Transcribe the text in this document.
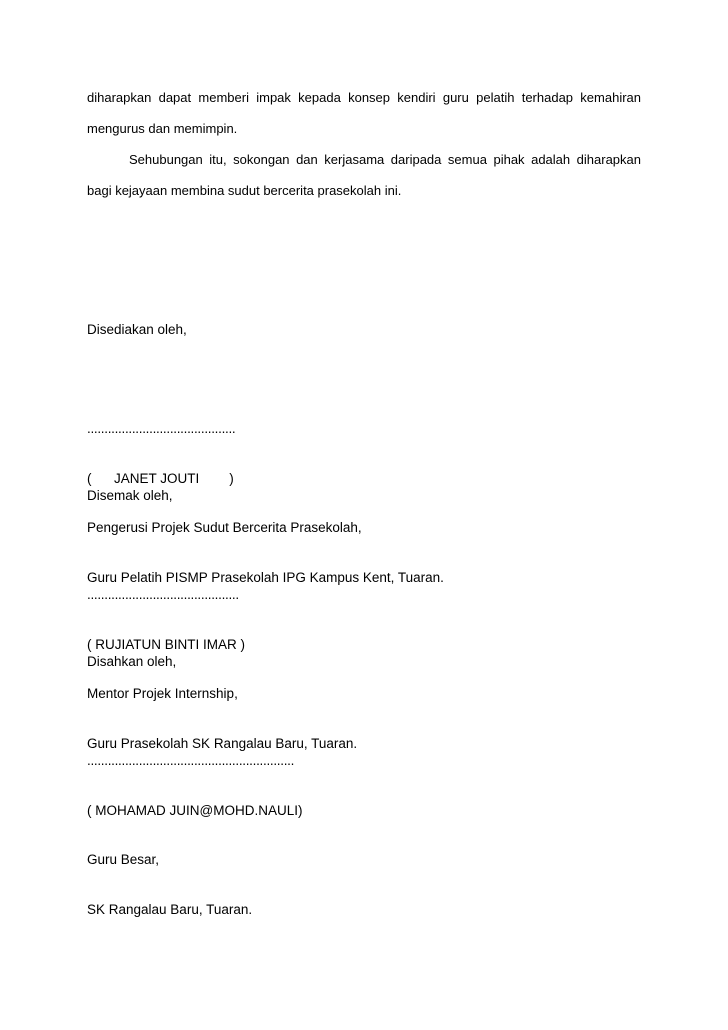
diharapkan dapat memberi impak kepada konsep kendiri guru pelatih terhadap kemahiran mengurus dan memimpin.
Sehubungan itu, sokongan dan kerjasama daripada semua pihak adalah diharapkan bagi kejayaan membina sudut bercerita prasekolah ini.

Disediakan oleh,

...........................................

(      JANET JOUTI        )

Pengerusi Projek Sudut Bercerita Prasekolah,

Guru Pelatih PISMP Prasekolah IPG Kampus Kent, Tuaran.

Disemak oleh,

............................................

( RUJIATUN BINTI IMAR )

Mentor Projek Internship,

Guru Prasekolah SK Rangalau Baru, Tuaran.

Disahkan oleh,

............................................................

( MOHAMAD JUIN@MOHD.NAULI)

Guru Besar,

SK Rangalau Baru, Tuaran.
